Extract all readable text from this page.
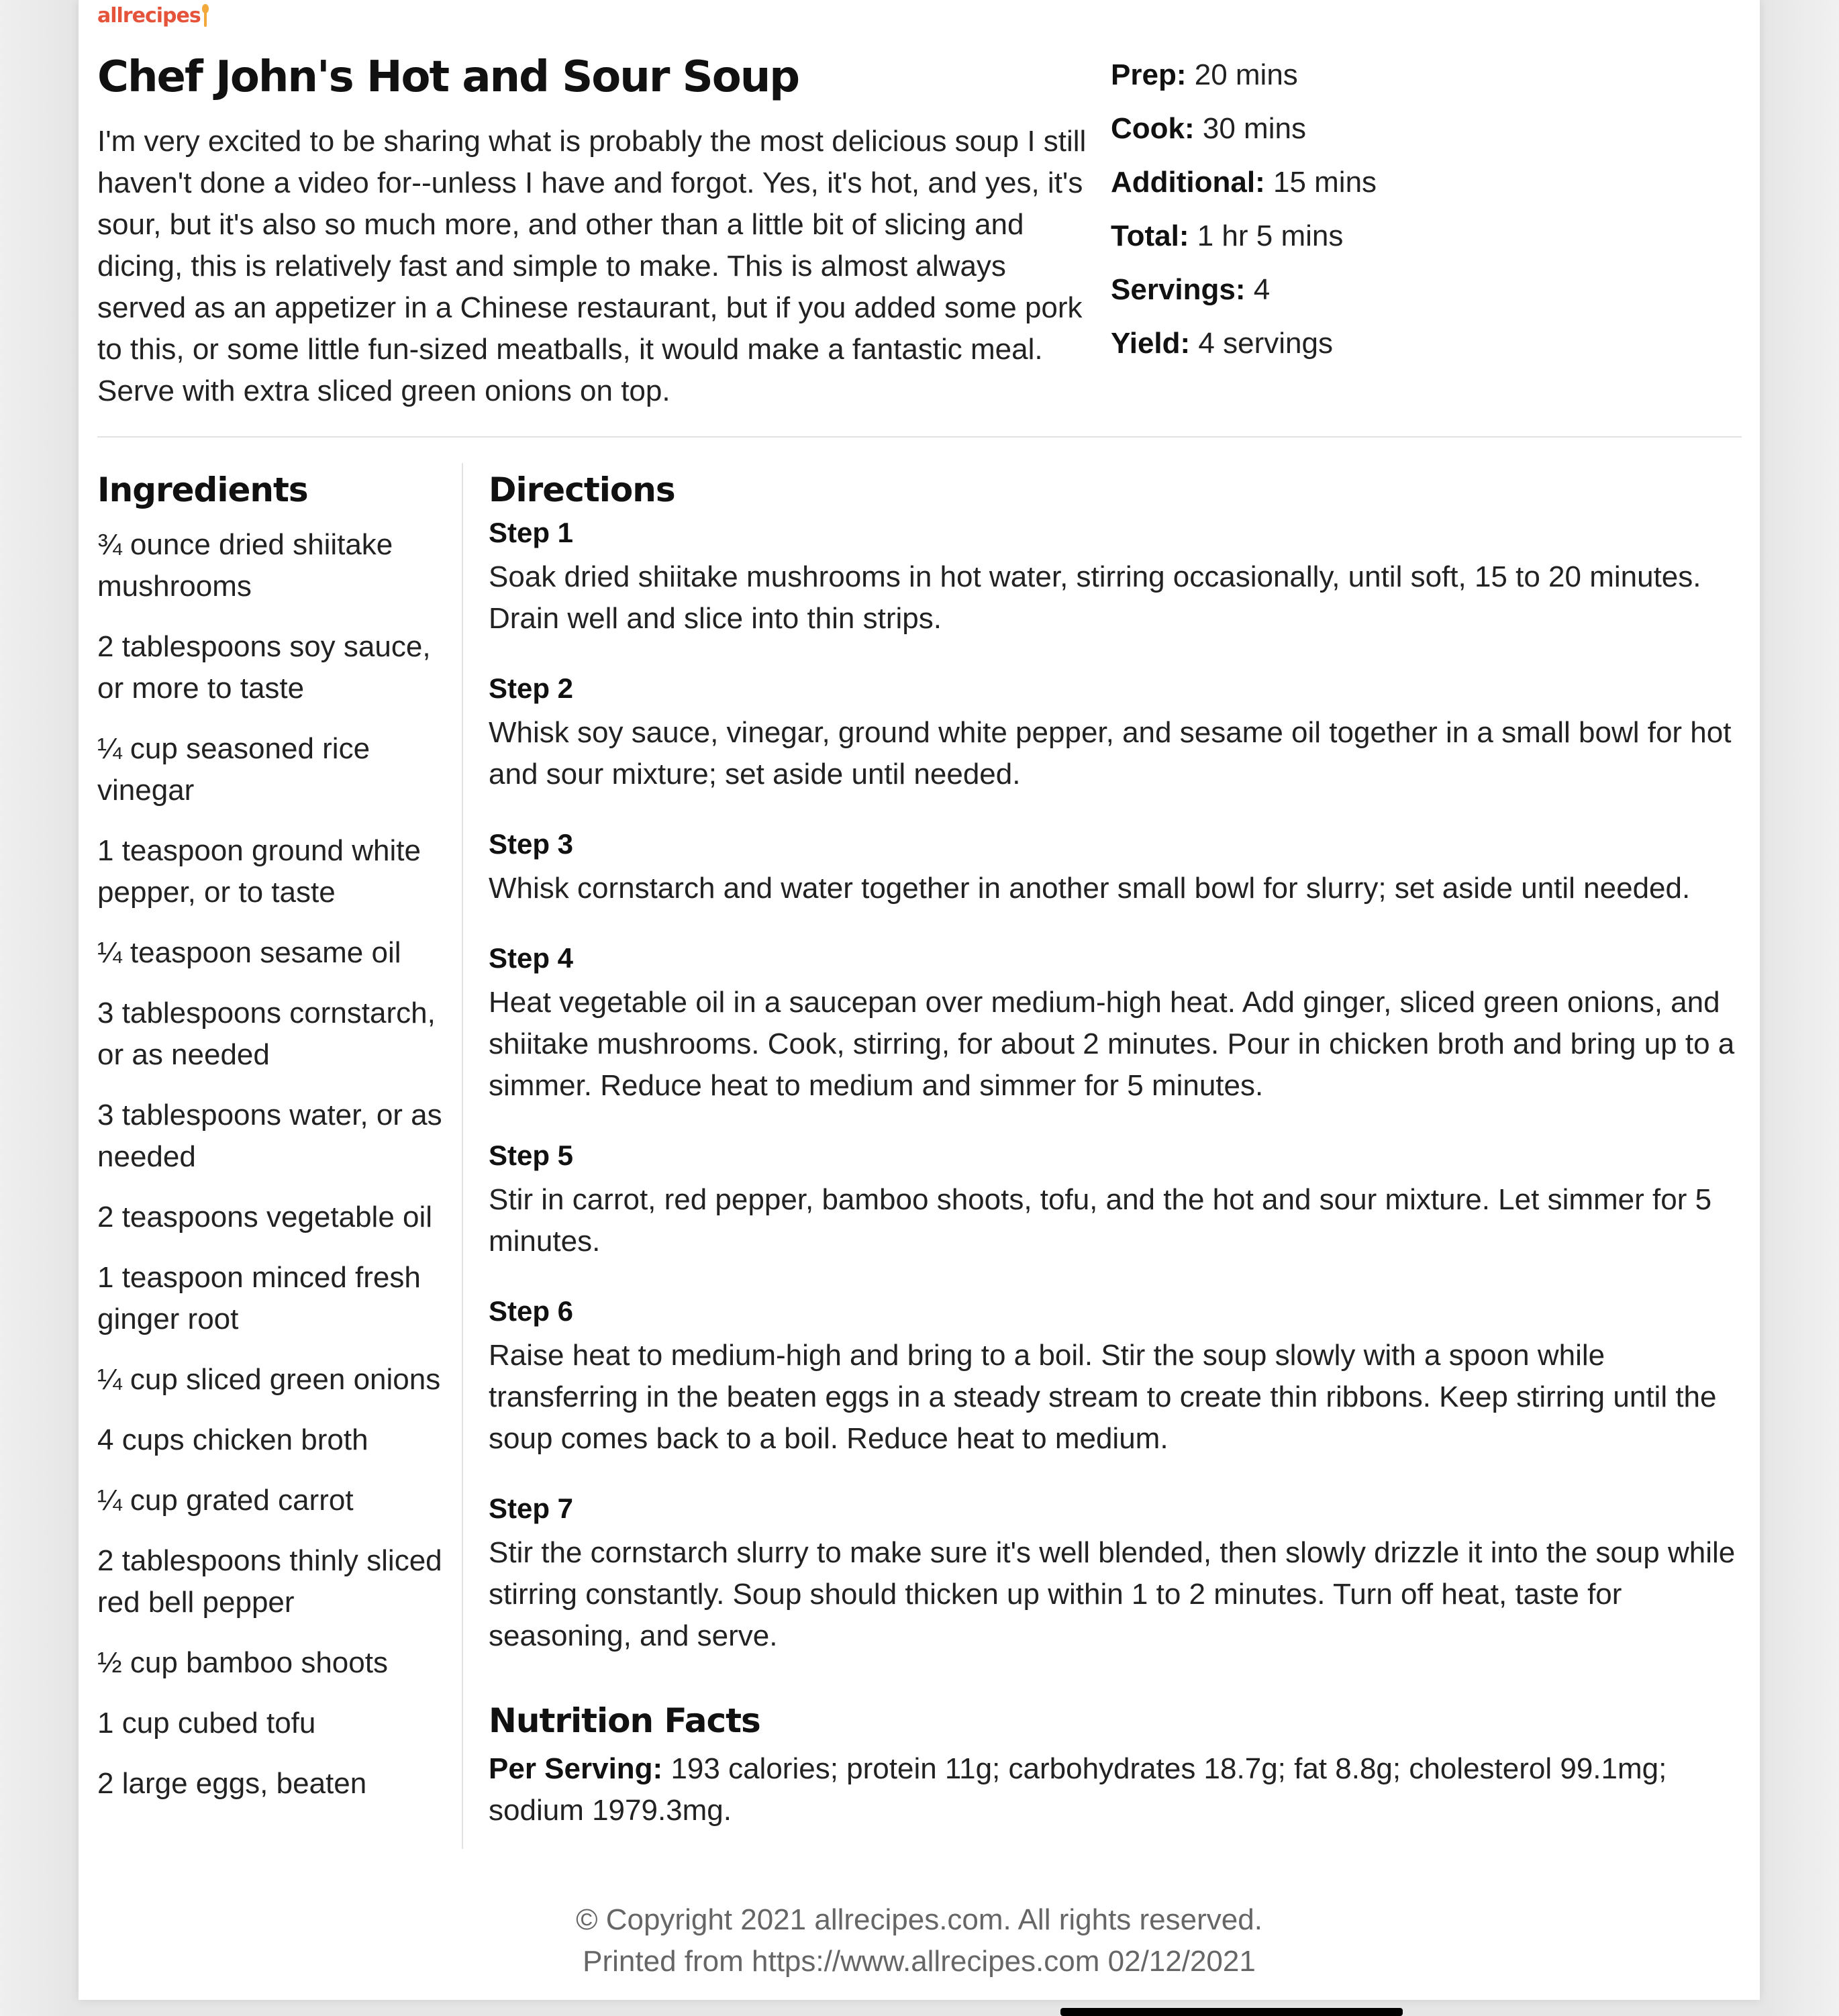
allrecipes
Chef John's Hot and Sour Soup

I'm very excited to be sharing what is probably the most delicious soup I still haven't done a video for--unless I have and forgot. Yes, it's hot, and yes, it's sour, but it's also so much more, and other than a little bit of slicing and dicing, this is relatively fast and simple to make. This is almost always served as an appetizer in a Chinese restaurant, but if you added some pork to this, or some little fun-sized meatballs, it would make a fantastic meal. Serve with extra sliced green onions on top.

Prep: 20 mins
Cook: 30 mins
Additional: 15 mins
Total: 1 hr 5 mins
Servings: 4
Yield: 4 servings
Ingredients
¾ ounce dried shiitake mushrooms
2 tablespoons soy sauce, or more to taste
¼ cup seasoned rice vinegar
1 teaspoon ground white pepper, or to taste
¼ teaspoon sesame oil
3 tablespoons cornstarch, or as needed
3 tablespoons water, or as needed
2 teaspoons vegetable oil
1 teaspoon minced fresh ginger root
¼ cup sliced green onions
4 cups chicken broth
¼ cup grated carrot
2 tablespoons thinly sliced red bell pepper
½ cup bamboo shoots
1 cup cubed tofu
2 large eggs, beaten
Directions
Step 1

Soak dried shiitake mushrooms in hot water, stirring occasionally, until soft, 15 to 20 minutes. Drain well and slice into thin strips.

Step 2

Whisk soy sauce, vinegar, ground white pepper, and sesame oil together in a small bowl for hot and sour mixture; set aside until needed.

Step 3

Whisk cornstarch and water together in another small bowl for slurry; set aside until needed.

Step 4

Heat vegetable oil in a saucepan over medium-high heat. Add ginger, sliced green onions, and shiitake mushrooms. Cook, stirring, for about 2 minutes. Pour in chicken broth and bring up to a simmer. Reduce heat to medium and simmer for 5 minutes.

Step 5

Stir in carrot, red pepper, bamboo shoots, tofu, and the hot and sour mixture. Let simmer for 5 minutes.

Step 6

Raise heat to medium-high and bring to a boil. Stir the soup slowly with a spoon while transferring in the beaten eggs in a steady stream to create thin ribbons. Keep stirring until the soup comes back to a boil. Reduce heat to medium.

Step 7

Stir the cornstarch slurry to make sure it's well blended, then slowly drizzle it into the soup while stirring constantly. Soup should thicken up within 1 to 2 minutes. Turn off heat, taste for seasoning, and serve.

Nutrition Facts

Per Serving: 193 calories; protein 11g; carbohydrates 18.7g; fat 8.8g; cholesterol 99.1mg; sodium 1979.3mg.

© Copyright 2021 allrecipes.com. All rights reserved.
Printed from https://www.allrecipes.com 02/12/2021
